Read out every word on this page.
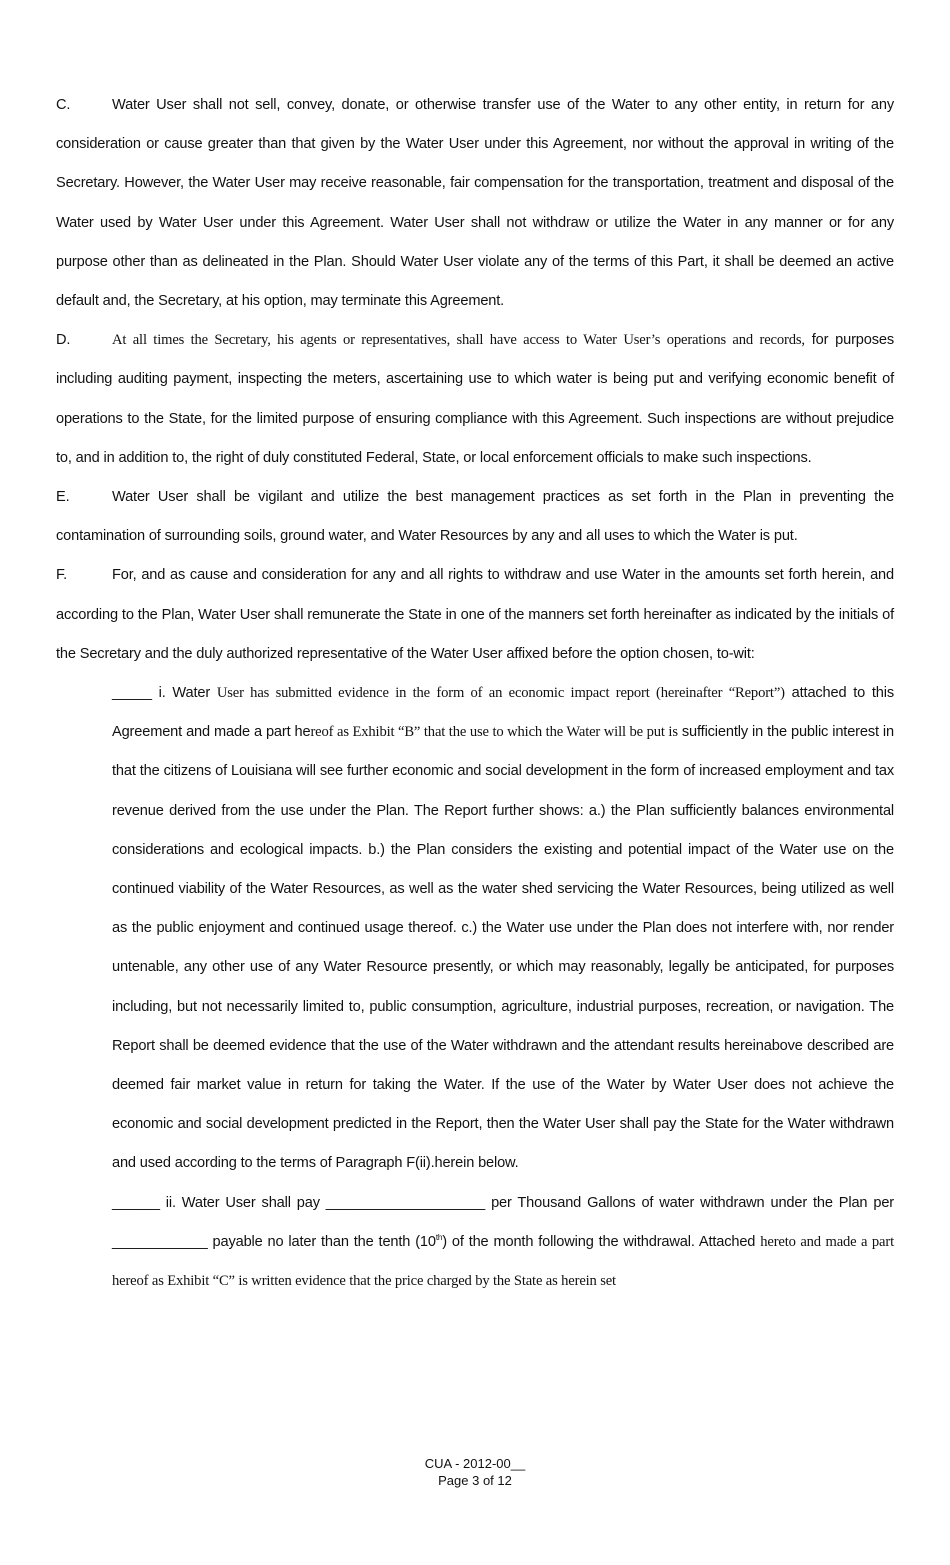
C.	Water User shall not sell, convey, donate, or otherwise transfer use of the Water to any other entity, in return for any consideration or cause greater than that given by the Water User under this Agreement, nor without the approval in writing of the Secretary. However, the Water User may receive reasonable, fair compensation for the transportation, treatment and disposal of the Water used by Water User under this Agreement. Water User shall not withdraw or utilize the Water in any manner or for any purpose other than as delineated in the Plan. Should Water User violate any of the terms of this Part, it shall be deemed an active default and, the Secretary, at his option, may terminate this Agreement.

D.	At all times the Secretary, his agents or representatives, shall have access to Water User’s operations and records, for purposes including auditing payment, inspecting the meters, ascertaining use to which water is being put and verifying economic benefit of operations to the State, for the limited purpose of ensuring compliance with this Agreement. Such inspections are without prejudice to, and in addition to, the right of duly constituted Federal, State, or local enforcement officials to make such inspections.

E.	Water User shall be vigilant and utilize the best management practices as set forth in the Plan in preventing the contamination of surrounding soils, ground water, and Water Resources by any and all uses to which the Water is put.

F.	For, and as cause and consideration for any and all rights to withdraw and use Water in the amounts set forth herein, and according to the Plan, Water User shall remunerate the State in one of the manners set forth hereinafter as indicated by the initials of the Secretary and the duly authorized representative of the Water User affixed before the option chosen, to-wit:

_____ i. Water User has submitted evidence in the form of an economic impact report (hereinafter “Report”) attached to this Agreement and made a part hereof as Exhibit “B” that the use to which the Water will be put is sufficiently in the public interest in that the citizens of Louisiana will see further economic and social development in the form of increased employment and tax revenue derived from the use under the Plan. The Report further shows: a.) the Plan sufficiently balances environmental considerations and ecological impacts. b.) the Plan considers the existing and potential impact of the Water use on the continued viability of the Water Resources, as well as the water shed servicing the Water Resources, being utilized as well as the public enjoyment and continued usage thereof. c.) the Water use under the Plan does not interfere with, nor render untenable, any other use of any Water Resource presently, or which may reasonably, legally be anticipated, for purposes including, but not necessarily limited to, public consumption, agriculture, industrial purposes, recreation, or navigation. The Report shall be deemed evidence that the use of the Water withdrawn and the attendant results hereinabove described are deemed fair market value in return for taking the Water. If the use of the Water by Water User does not achieve the economic and social development predicted in the Report, then the Water User shall pay the State for the Water withdrawn and used according to the terms of Paragraph F(ii).herein below.

______ ii. Water User shall pay ____________________ per Thousand Gallons of water withdrawn under the Plan per ____________ payable no later than the tenth (10th) of the month following the withdrawal. Attached hereto and made a part hereof as Exhibit “C” is written evidence that the price charged by the State as herein set

CUA - 2012-00__
Page 3 of 12
